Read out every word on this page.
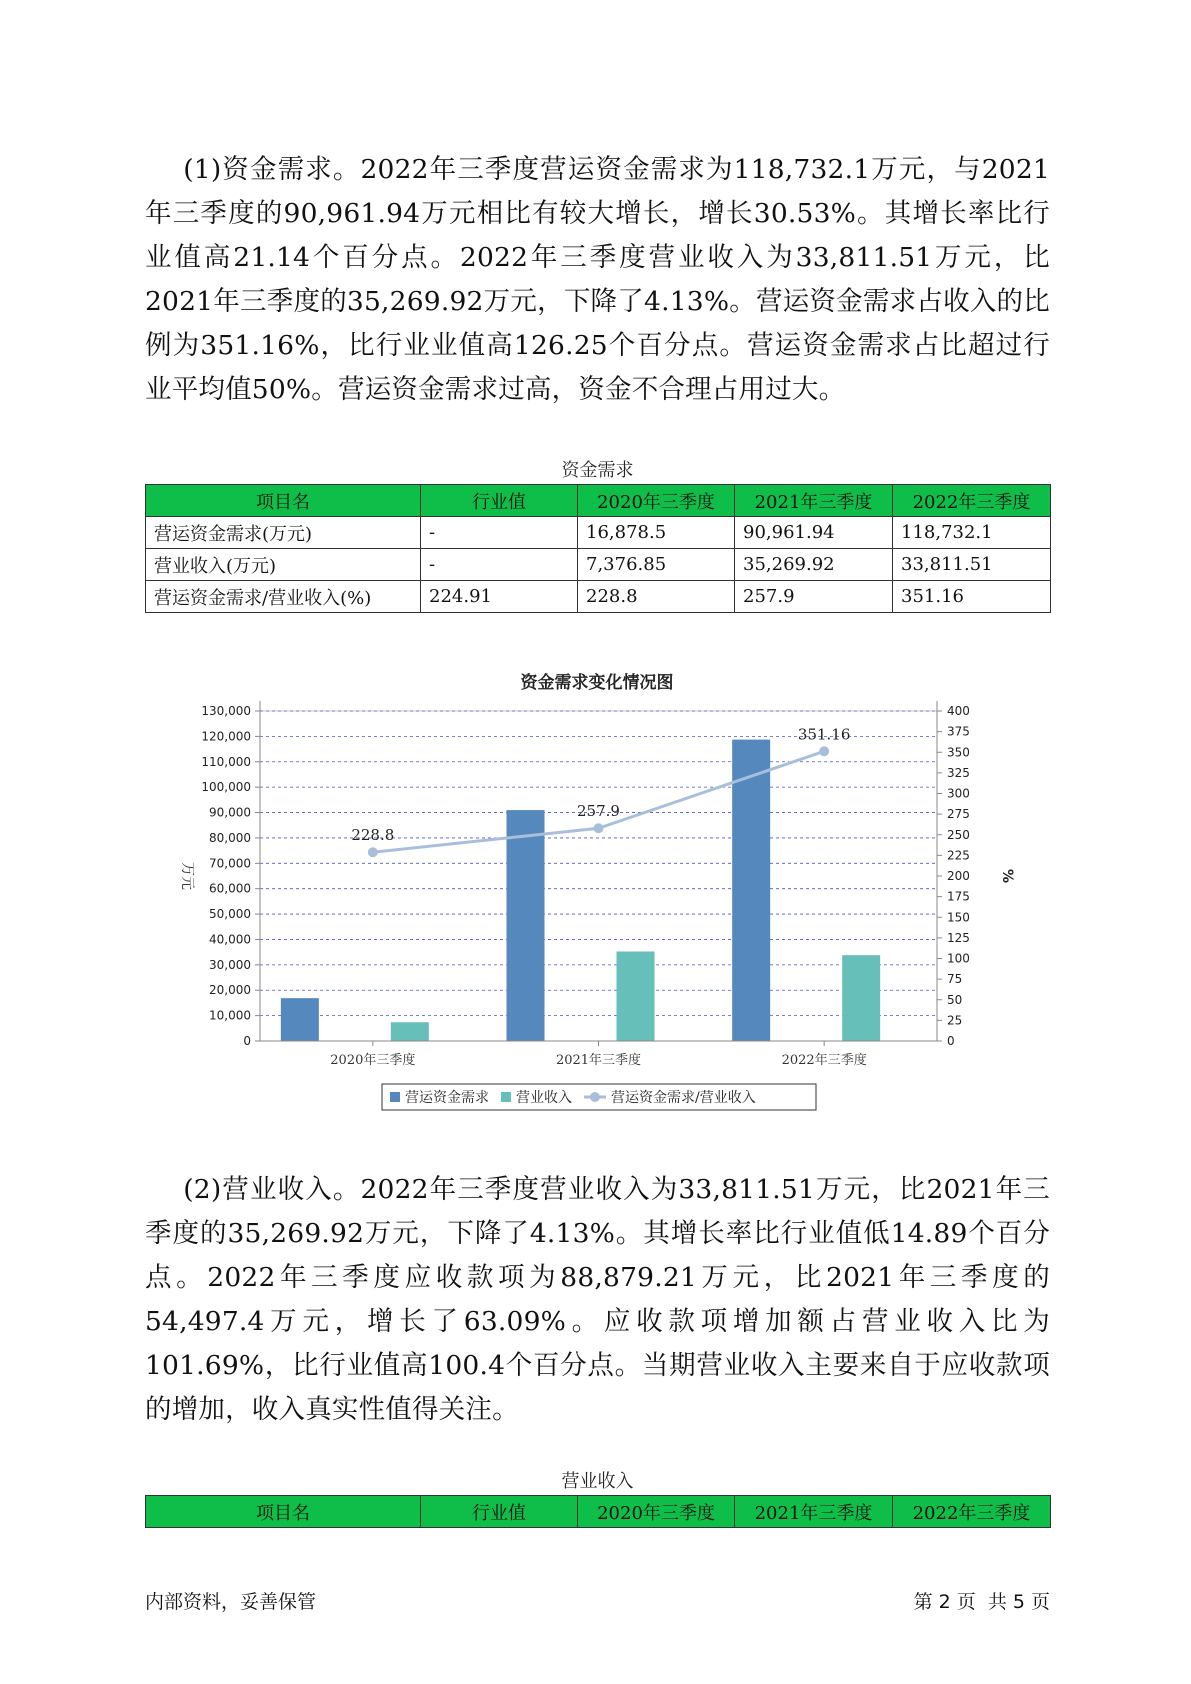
(1)资金需求。2022年三季度营运资金需求为118,732.1万元，与2021年三季度的90,961.94万元相比有较大增长，增长30.53%。其增长率比行业值高21.14个百分点。2022年三季度营业收入为33,811.51万元，比2021年三季度的35,269.92万元，下降了4.13%。营运资金需求占收入的比例为351.16%，比行业业值高126.25个百分点。营运资金需求占比超过行业平均值50%。营运资金需求过高，资金不合理占用过大。

资金需求
项目名	行业值	2020年三季度	2021年三季度	2022年三季度
营运资金需求(万元)	-	16,878.5	90,961.94	118,732.1
营业收入(万元)	-	7,376.85	35,269.92	33,811.51
营运资金需求/营业收入(%)	224.91	228.8	257.9	351.16
资金需求变化情况图
228.8
257.9
351.16
0
10,000
20,000
30,000
40,000
50,000
60,000
70,000
80,000
90,000
100,000
110,000
120,000
130,000
0
25
50
75
100
125
150
175
200
225
250
275
300
325
350
375
400
2020年三季度	2021年三季度	2022年三季度
万元	%
营运资金需求 营业收入	营运资金需求/营业收入

(2)营业收入。2022年三季度营业收入为33,811.51万元，比2021年三季度的35,269.92万元，下降了4.13%。其增长率比行业值低14.89个百分点。2022年三季度应收款项为88,879.21万元，比2021年三季度的54,497.4万元，增长了63.09%。应收款项增加额占营业收入比为101.69%，比行业值高100.4个百分点。当期营业收入主要来自于应收款项的增加，收入真实性值得关注。

营业收入
项目名	行业值	2020年三季度	2021年三季度	2022年三季度
内部资料，妥善保管	第 2 页  共 5 页
